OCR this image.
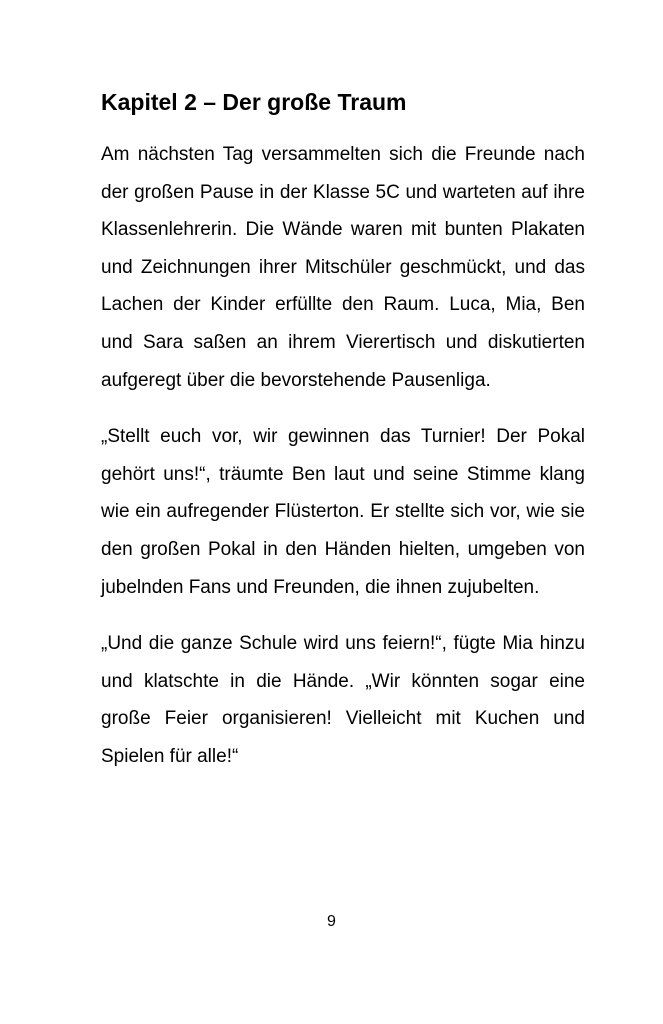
Kapitel 2 – Der große Traum

Am nächsten Tag versammelten sich die Freunde nach der großen Pause in der Klasse 5C und warteten auf ihre Klassenlehrerin. Die Wände waren mit bunten Plakaten und Zeichnungen ihrer Mitschüler geschmückt, und das Lachen der Kinder erfüllte den Raum. Luca, Mia, Ben und Sara saßen an ihrem Vierertisch und diskutierten aufgeregt über die bevorstehende Pausenliga.

„Stellt euch vor, wir gewinnen das Turnier! Der Pokal gehört uns!“, träumte Ben laut und seine Stimme klang wie ein aufregender Flüsterton. Er stellte sich vor, wie sie den großen Pokal in den Händen hielten, umgeben von jubelnden Fans und Freunden, die ihnen zujubelten.

„Und die ganze Schule wird uns feiern!“, fügte Mia hinzu und klatschte in die Hände. „Wir könnten sogar eine große Feier organisieren! Vielleicht mit Kuchen und Spielen für alle!“

9
